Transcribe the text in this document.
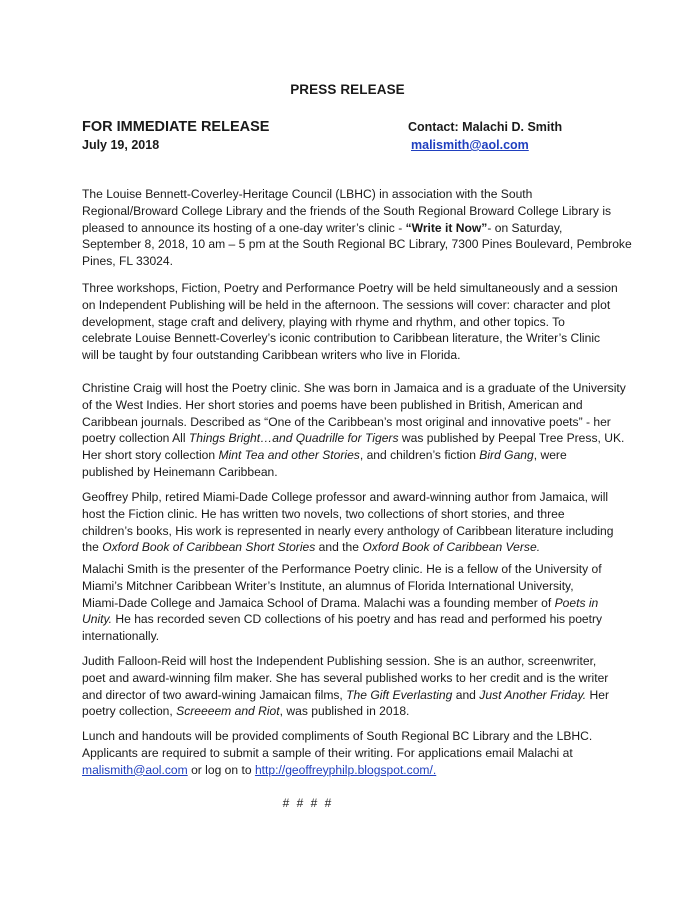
PRESS RELEASE
FOR IMMEDIATE RELEASE
July 19, 2018
Contact: Malachi D. Smith
malismith@aol.com
The Louise Bennett-Coverley-Heritage Council (LBHC) in association with the South
Regional/Broward College Library and the friends of the South Regional Broward College Library is
pleased to announce its hosting of a one-day writer’s clinic - “Write it Now”- on Saturday,
September 8, 2018, 10 am – 5 pm at the South Regional BC Library, 7300 Pines Boulevard, Pembroke
Pines, FL 33024.
Three workshops, Fiction, Poetry and Performance Poetry will be held simultaneously and a session
on Independent Publishing will be held in the afternoon. The sessions will cover: character and plot
development, stage craft and delivery, playing with rhyme and rhythm, and other topics. To
celebrate Louise Bennett-Coverley’s iconic contribution to Caribbean literature, the Writer’s Clinic
will be taught by four outstanding Caribbean writers who live in Florida.
Christine Craig will host the Poetry clinic. She was born in Jamaica and is a graduate of the University
of the West Indies. Her short stories and poems have been published in British, American and
Caribbean journals. Described as “One of the Caribbean’s most original and innovative poets” - her
poetry collection All Things Bright…and Quadrille for Tigers was published by Peepal Tree Press, UK.
Her short story collection Mint Tea and other Stories, and children’s fiction Bird Gang, were
published by Heinemann Caribbean.
Geoffrey Philp, retired Miami-Dade College professor and award-winning author from Jamaica, will
host the Fiction clinic. He has written two novels, two collections of short stories, and three
children’s books, His work is represented in nearly every anthology of Caribbean literature including
the Oxford Book of Caribbean Short Stories and the Oxford Book of Caribbean Verse.
Malachi Smith is the presenter of the Performance Poetry clinic. He is a fellow of the University of
Miami’s Mitchner Caribbean Writer’s Institute, an alumnus of Florida International University,
Miami-Dade College and Jamaica School of Drama. Malachi was a founding member of Poets in
Unity. He has recorded seven CD collections of his poetry and has read and performed his poetry
internationally.
Judith Falloon-Reid will host the Independent Publishing session. She is an author, screenwriter,
poet and award-winning film maker. She has several published works to her credit and is the writer
and director of two award-wining Jamaican films, The Gift Everlasting and Just Another Friday. Her
poetry collection, Screeeem and Riot, was published in 2018.
Lunch and handouts will be provided compliments of South Regional BC Library and the LBHC.
Applicants are required to submit a sample of their writing. For applications email Malachi at
malismith@aol.com or log on to http://geoffreyphilp.blogspot.com/.
# # # #
